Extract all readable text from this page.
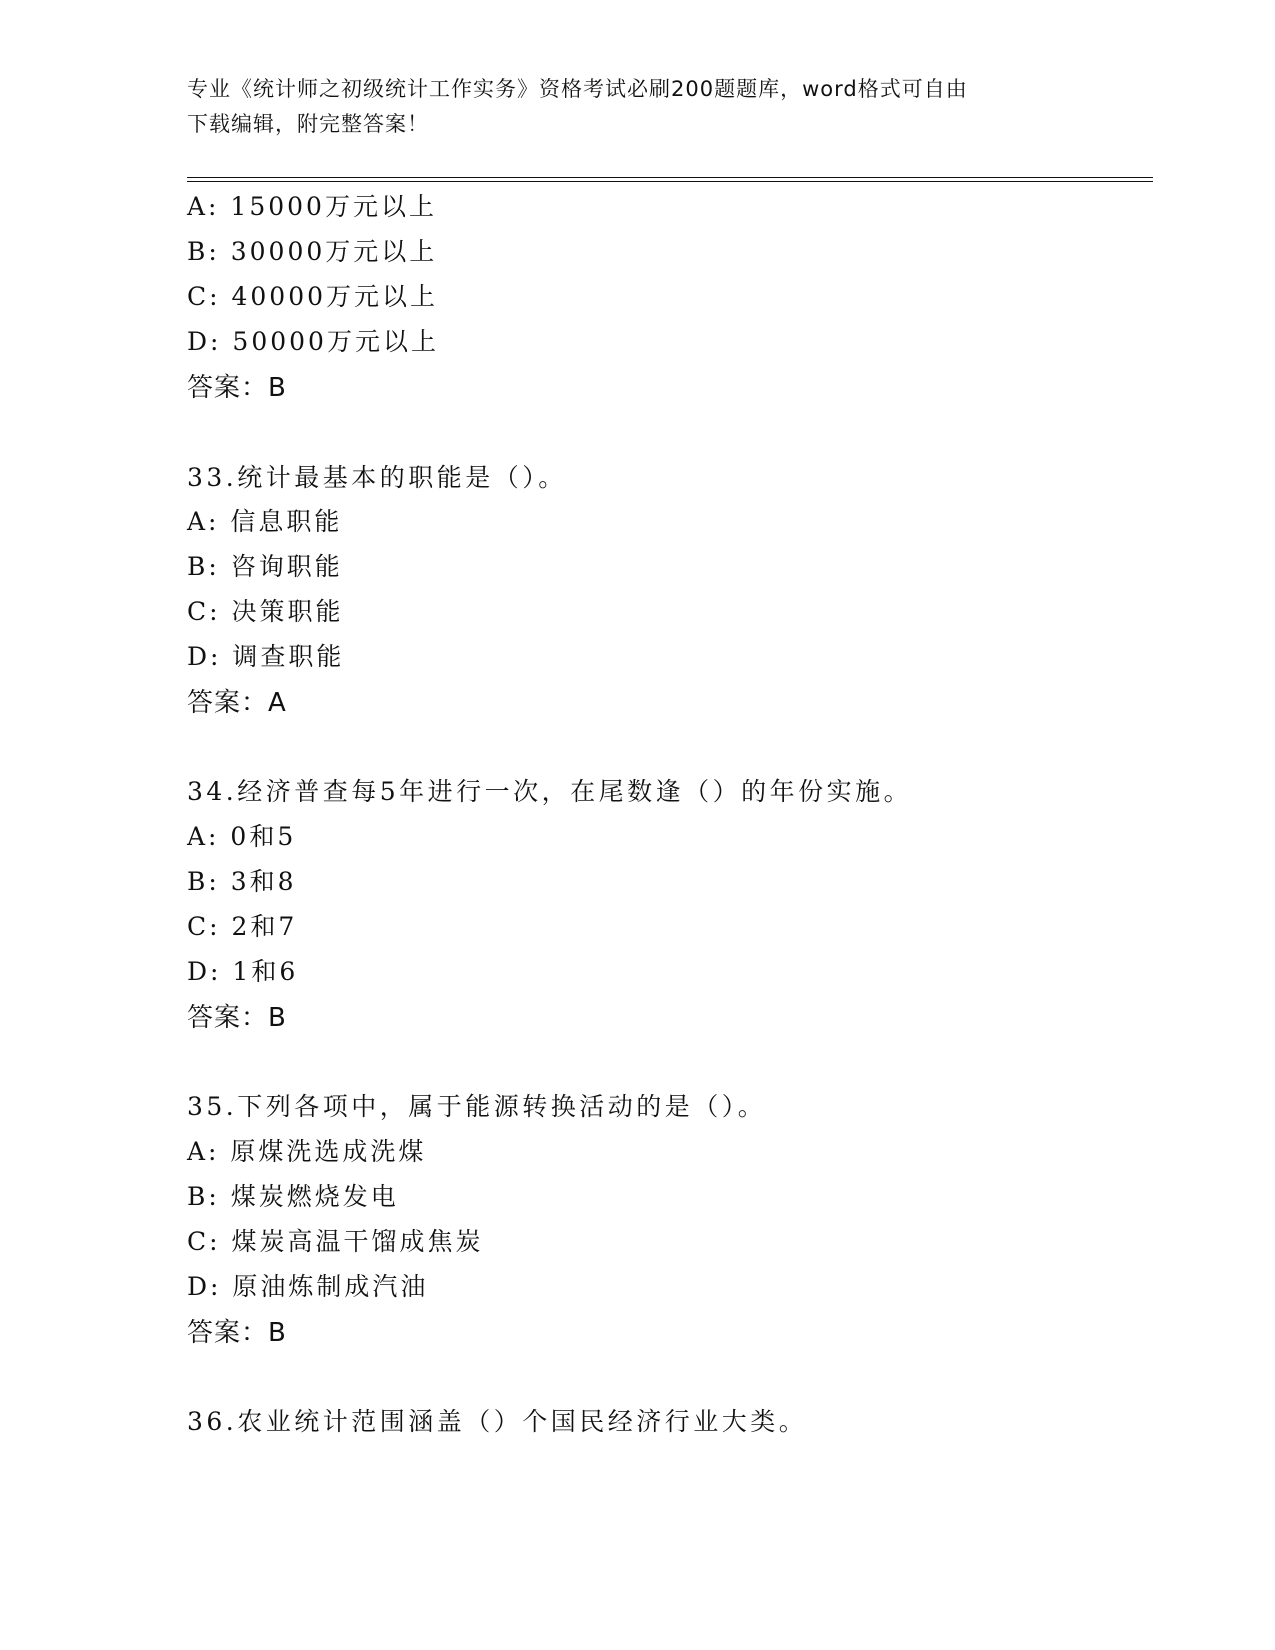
专业《统计师之初级统计工作实务》资格考试必刷200题题库，word格式可自由
下载编辑，附完整答案！
A: 15000万元以上
B: 30000万元以上
C: 40000万元以上
D: 50000万元以上
答案：B
33.统计最基本的职能是（）。
A: 信息职能
B: 咨询职能
C: 决策职能
D: 调查职能
答案：A
34.经济普查每5年进行一次，在尾数逢（）的年份实施。
A: 0和5
B: 3和8
C: 2和7
D: 1和6
答案：B
35.下列各项中，属于能源转换活动的是（）。
A: 原煤洗选成洗煤
B: 煤炭燃烧发电
C: 煤炭高温干馏成焦炭
D: 原油炼制成汽油
答案：B
36.农业统计范围涵盖（）个国民经济行业大类。
